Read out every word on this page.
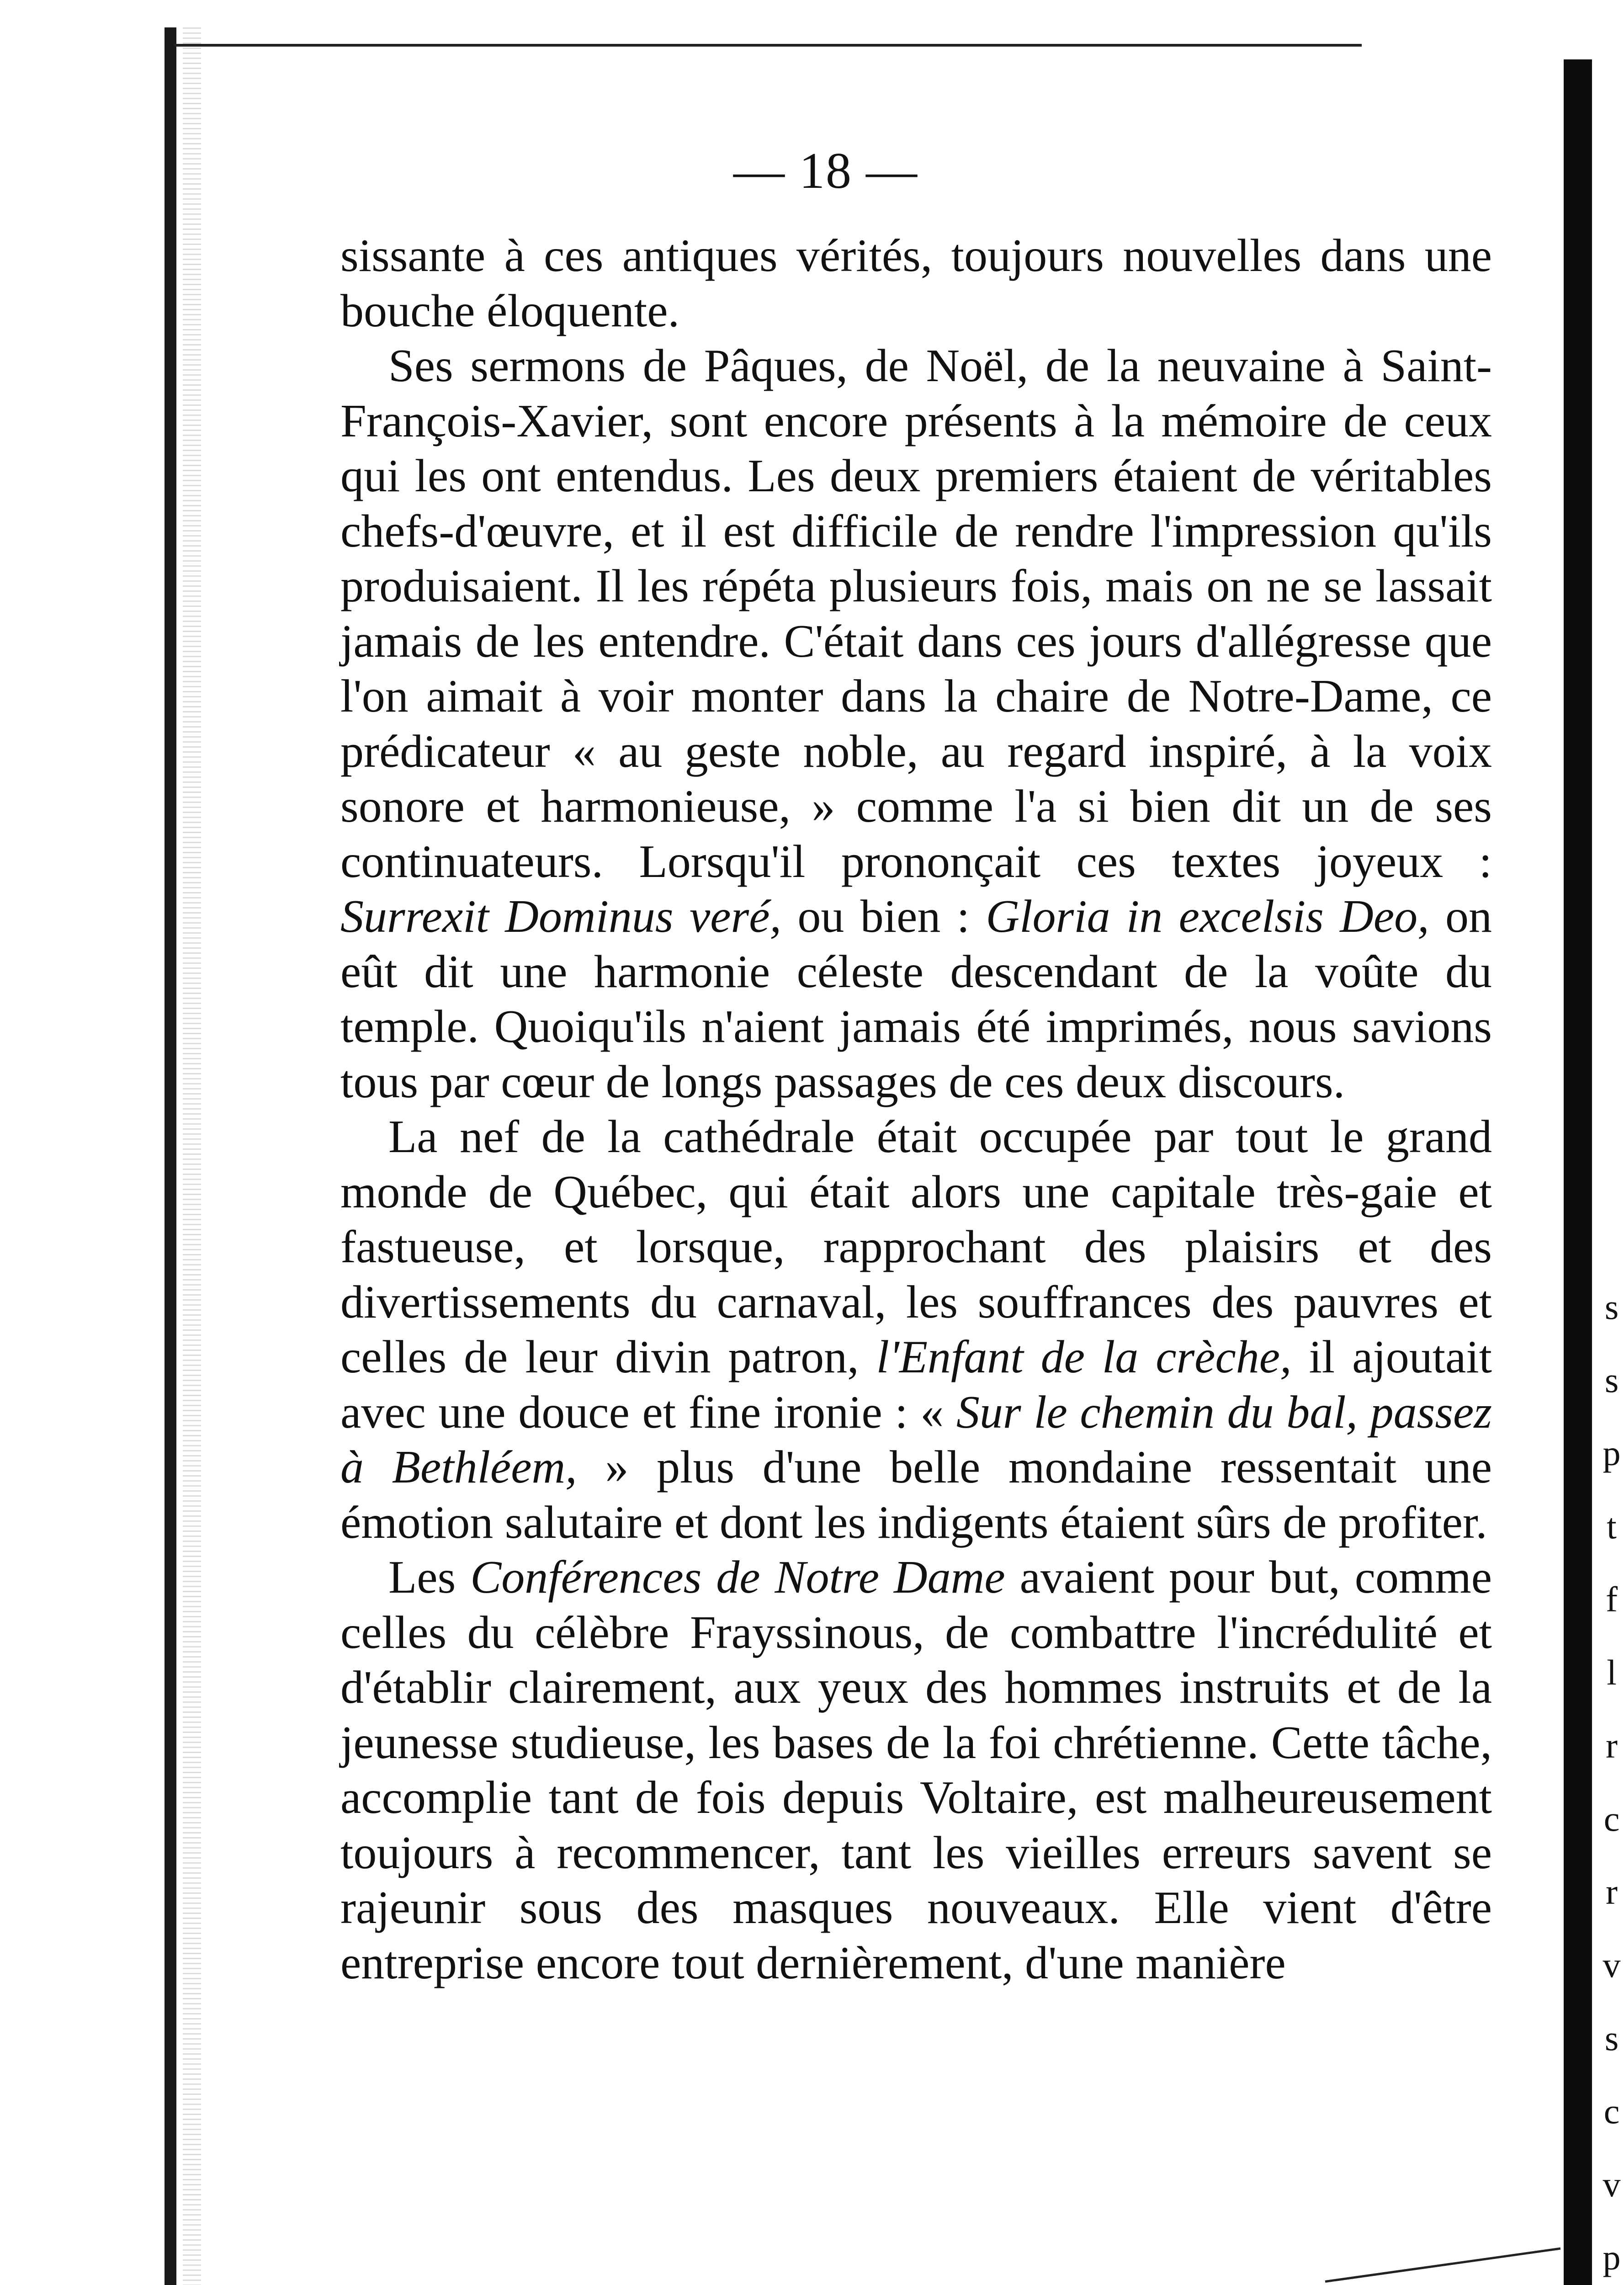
— 18 —

sissante à ces antiques vérités, toujours nouvelles dans une bouche éloquente.

Ses sermons de Pâques, de Noël, de la neuvaine à Saint-François-Xavier, sont encore présents à la mémoire de ceux qui les ont entendus. Les deux premiers étaient de véritables chefs-d'œuvre, et il est difficile de rendre l'impression qu'ils produisaient. Il les répéta plusieurs fois, mais on ne se lassait jamais de les entendre. C'était dans ces jours d'allégresse que l'on aimait à voir monter dans la chaire de Notre-Dame, ce prédicateur « au geste noble, au regard inspiré, à la voix sonore et harmonieuse, » comme l'a si bien dit un de ses continuateurs. Lorsqu'il prononçait ces textes joyeux : Surrexit Dominus veré, ou bien : Gloria in excelsis Deo, on eût dit une harmonie céleste descendant de la voûte du temple. Quoiqu'ils n'aient jamais été imprimés, nous savions tous par cœur de longs passages de ces deux discours.

La nef de la cathédrale était occupée par tout le grand monde de Québec, qui était alors une capitale très-gaie et fastueuse, et lorsque, rapprochant des plaisirs et des divertissements du carnaval, les souffrances des pauvres et celles de leur divin patron, l'Enfant de la crèche, il ajoutait avec une douce et fine ironie : « Sur le chemin du bal, passez à Bethléem, » plus d'une belle mondaine ressentait une émotion salutaire et dont les indigents étaient sûrs de profiter.

Les Conférences de Notre Dame avaient pour but, comme celles du célèbre Frayssinous, de combattre l'incrédulité et d'établir clairement, aux yeux des hommes instruits et de la jeunesse studieuse, les bases de la foi chrétienne. Cette tâche, accomplie tant de fois depuis Voltaire, est malheureusement toujours à recommencer, tant les vieilles erreurs savent se rajeunir sous des masques nouveaux. Elle vient d'être entreprise encore tout dernièrement, d'une manière

s
s
p
t
f
l
r
c
r
v
s
c
v
p
